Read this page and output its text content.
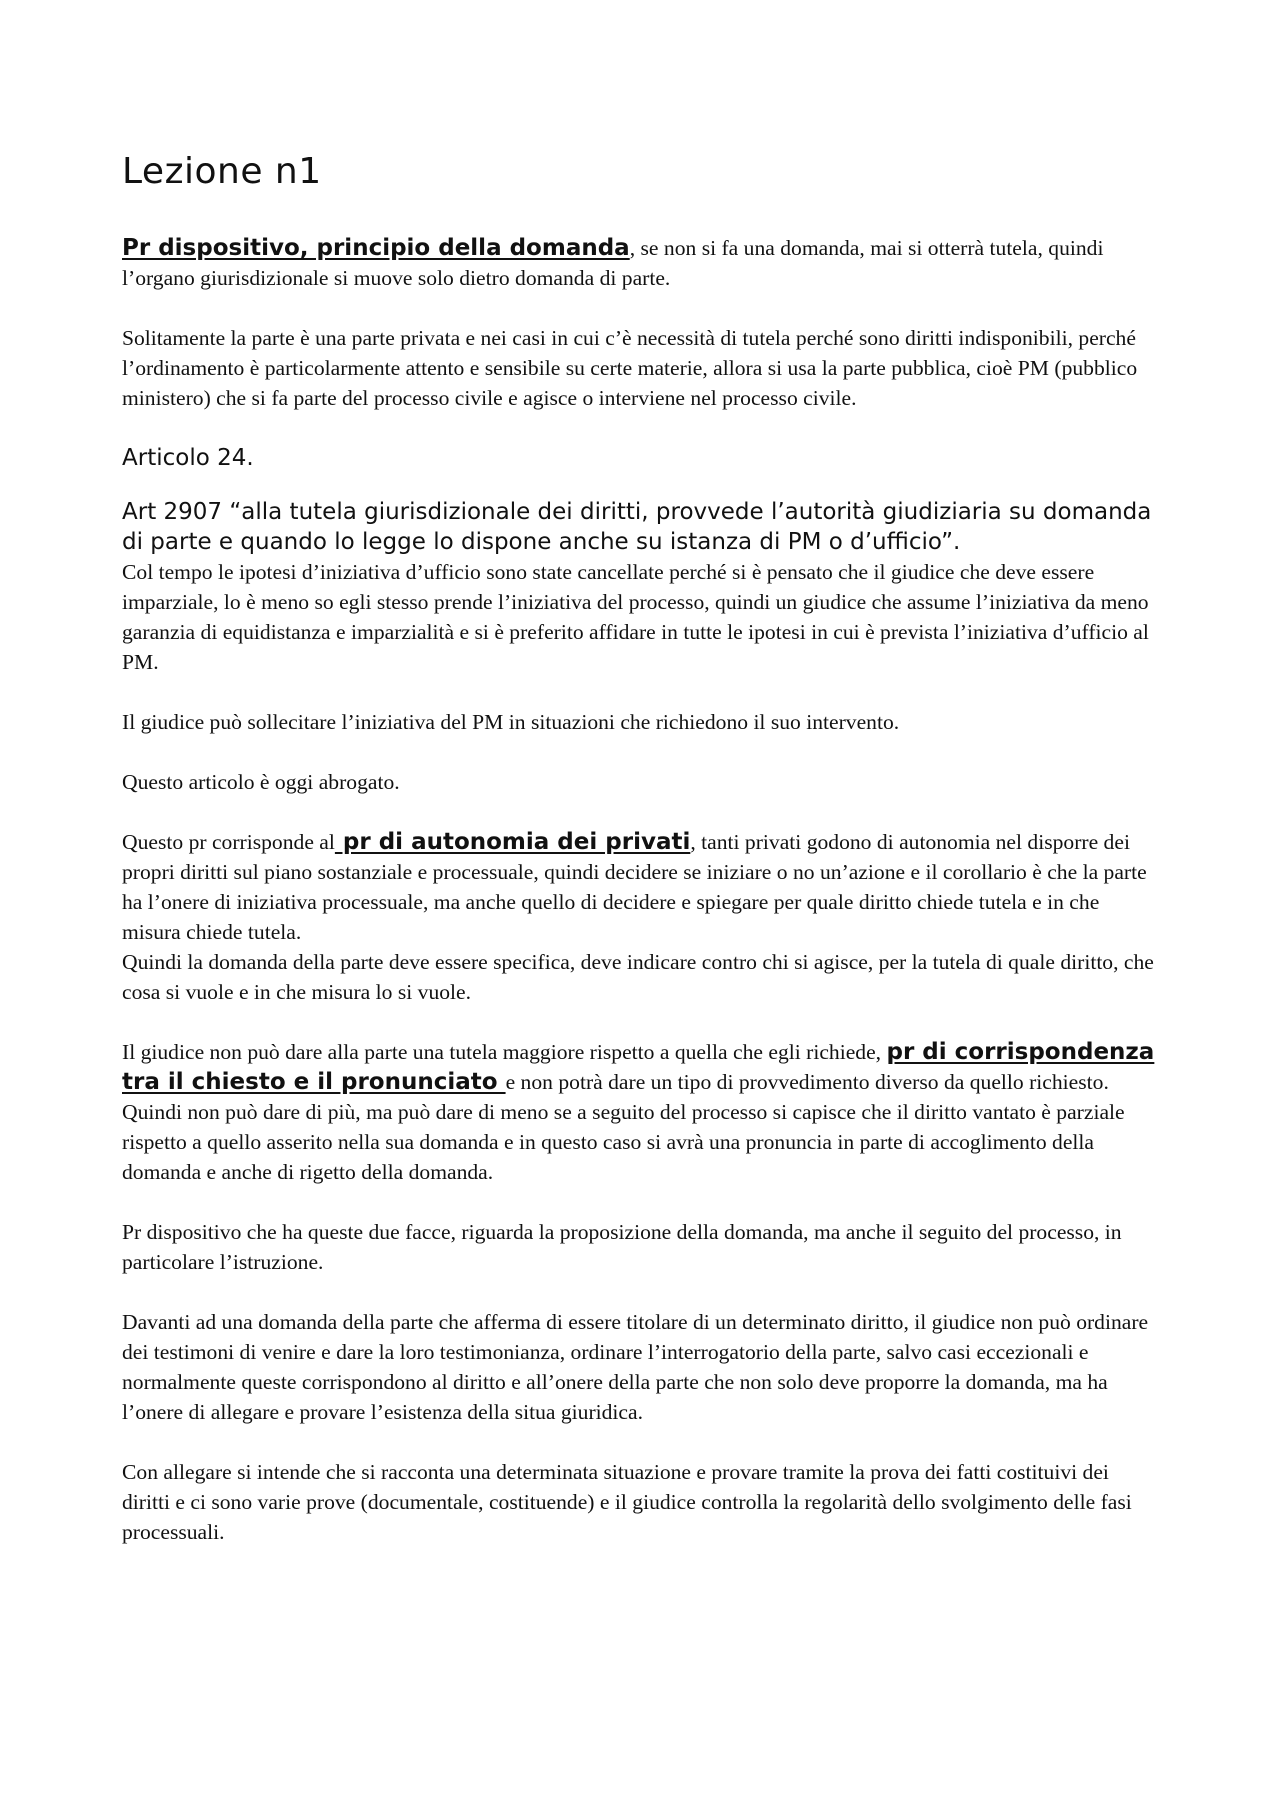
Lezione n1

Pr dispositivo, principio della domanda, se non si fa una domanda, mai si otterrà tutela, quindi l’organo giurisdizionale si muove solo dietro domanda di parte.

Solitamente la parte è una parte privata e nei casi in cui c’è necessità di tutela perché sono diritti indisponibili, perché l’ordinamento è particolarmente attento e sensibile su certe materie, allora si usa la parte pubblica, cioè PM (pubblico ministero) che si fa parte del processo civile e agisce o interviene nel processo civile.

Articolo 24.

Art 2907 “alla tutela giurisdizionale dei diritti, provvede l’autorità giudiziaria su domanda di parte e quando lo legge lo dispone anche su istanza di PM o d’ufficio”.

Col tempo le ipotesi d’iniziativa d’ufficio sono state cancellate perché si è pensato che il giudice che deve essere imparziale, lo è meno so egli stesso prende l’iniziativa del processo, quindi un giudice che assume l’iniziativa da meno garanzia di equidistanza e imparzialità e si è preferito affidare in tutte le ipotesi in cui è prevista l’iniziativa d’ufficio al PM.

Il giudice può sollecitare l’iniziativa del PM in situazioni che richiedono il suo intervento.

Questo articolo è oggi abrogato.

Questo pr corrisponde al pr di autonomia dei privati, tanti privati godono di autonomia nel disporre dei propri diritti sul piano sostanziale e processuale, quindi decidere se iniziare o no un’azione e il corollario è che la parte ha l’onere di iniziativa processuale, ma anche quello di decidere e spiegare per quale diritto chiede tutela e in che misura chiede tutela.

Quindi la domanda della parte deve essere specifica, deve indicare contro chi si agisce, per la tutela di quale diritto, che cosa si vuole e in che misura lo si vuole.

Il giudice non può dare alla parte una tutela maggiore rispetto a quella che egli richiede, pr di corrispondenza tra il chiesto e il pronunciato e non potrà dare un tipo di provvedimento diverso da quello richiesto.

Quindi non può dare di più, ma può dare di meno se a seguito del processo si capisce che il diritto vantato è parziale rispetto a quello asserito nella sua domanda e in questo caso si avrà una pronuncia in parte di accoglimento della domanda e anche di rigetto della domanda.

Pr dispositivo che ha queste due facce, riguarda la proposizione della domanda, ma anche il seguito del processo, in particolare l’istruzione.

Davanti ad una domanda della parte che afferma di essere titolare di un determinato diritto, il giudice non può ordinare dei testimoni di venire e dare la loro testimonianza, ordinare l’interrogatorio della parte, salvo casi eccezionali e normalmente queste corrispondono al diritto e all’onere della parte che non solo deve proporre la domanda, ma ha l’onere di allegare e provare l’esistenza della situa giuridica.

Con allegare si intende che si racconta una determinata situazione e provare tramite la prova dei fatti costituivi dei diritti e ci sono varie prove (documentale, costituende) e il giudice controlla la regolarità dello svolgimento delle fasi processuali.
